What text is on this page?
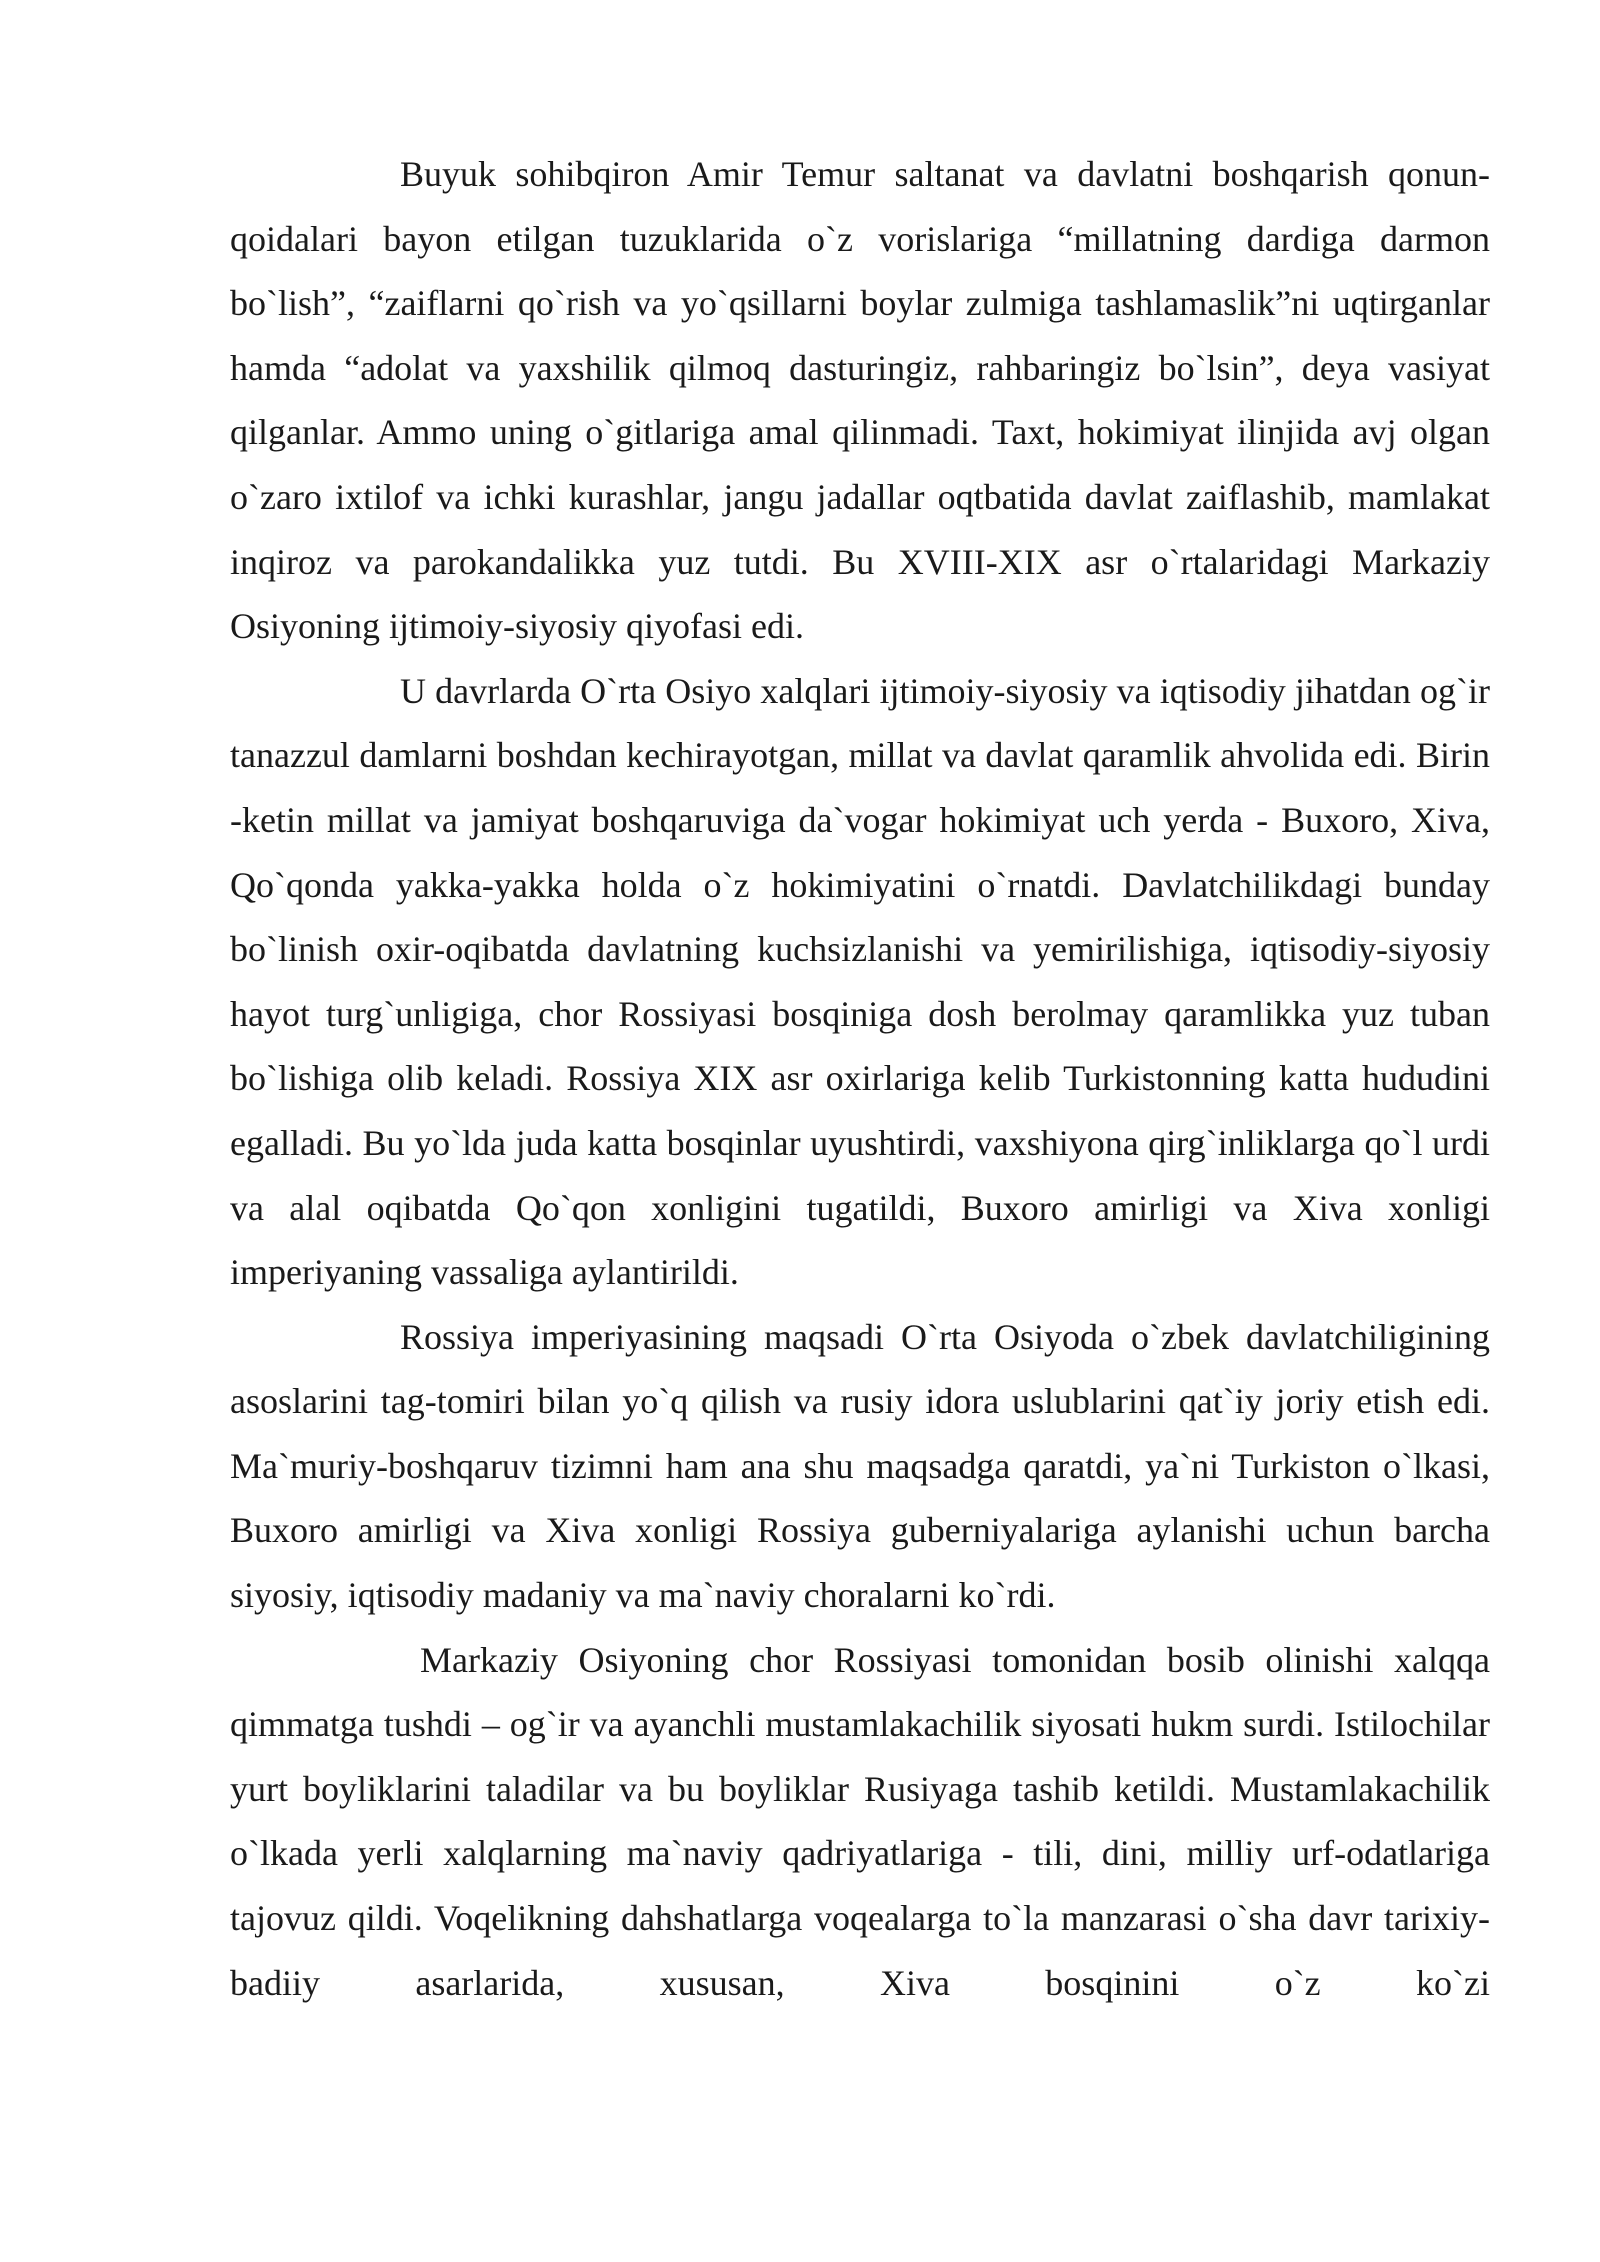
Buyuk sohibqiron Amir Temur saltanat va davlatni boshqarish qonun-qoidalari bayon etilgan tuzuklarida o`z vorislariga “millatning dardiga darmon bo`lish”, “zaiflarni qo`rish va yo`qsillarni boylar zulmiga tashlamaslik”ni uqtirganlar hamda “adolat va yaxshilik qilmoq dasturingiz, rahbaringiz bo`lsin”, deya vasiyat qilganlar. Ammo uning o`gitlariga amal qilinmadi. Taxt, hokimiyat ilinjida avj olgan o`zaro ixtilof va ichki kurashlar, jangu jadallar oqtbatida davlat zaiflashib, mamlakat inqiroz va parokandalikka yuz tutdi. Bu XVIII-XIX asr o`rtalaridagi Markaziy Osiyoning ijtimoiy-siyosiy qiyofasi edi.

U davrlarda O`rta Osiyo xalqlari ijtimoiy-siyosiy va iqtisodiy jihatdan og`ir tanazzul damlarni boshdan kechirayotgan, millat va davlat qaramlik ahvolida edi. Birin -ketin millat va jamiyat boshqaruviga da`vogar hokimiyat uch yerda - Buxoro, Xiva, Qo`qonda yakka-yakka holda o`z hokimiyatini o`rnatdi. Davlatchilikdagi bunday bo`linish oxir-oqibatda davlatning kuchsizlanishi va yemirilishiga, iqtisodiy-siyosiy hayot turg`unligiga, chor Rossiyasi bosqiniga dosh berolmay qaramlikka yuz tuban bo`lishiga olib keladi. Rossiya XIX asr oxirlariga kelib Turkistonning katta hududini egalladi. Bu yo`lda juda katta bosqinlar uyushtirdi, vaxshiyona qirg`inliklarga qo`l urdi va alal oqibatda Qo`qon xonligini tugatildi, Buxoro amirligi va Xiva xonligi imperiyaning vassaliga aylantirildi.

Rossiya imperiyasining maqsadi O`rta Osiyoda o`zbek davlatchiligining asoslarini tag-tomiri bilan yo`q qilish va rusiy idora uslublarini qat`iy joriy etish edi. Ma`muriy-boshqaruv tizimni ham ana shu maqsadga qaratdi, ya`ni Turkiston o`lkasi, Buxoro amirligi va Xiva xonligi Rossiya guberniyalariga aylanishi uchun barcha siyosiy, iqtisodiy madaniy va ma`naviy choralarni ko`rdi.

Markaziy Osiyoning chor Rossiyasi tomonidan bosib olinishi xalqqa qimmatga tushdi – og`ir va ayanchli mustamlakachilik siyosati hukm surdi. Istilochilar yurt boyliklarini taladilar va bu boyliklar Rusiyaga tashib ketildi. Mustamlakachilik o`lkada yerli xalqlarning ma`naviy qadriyatlariga - tili, dini, milliy urf-odatlariga tajovuz qildi. Voqelikning dahshatlarga voqealarga to`la manzarasi o`sha davr tarixiy-badiiy asarlarida, xususan, Xiva bosqinini o`z ko`zi
